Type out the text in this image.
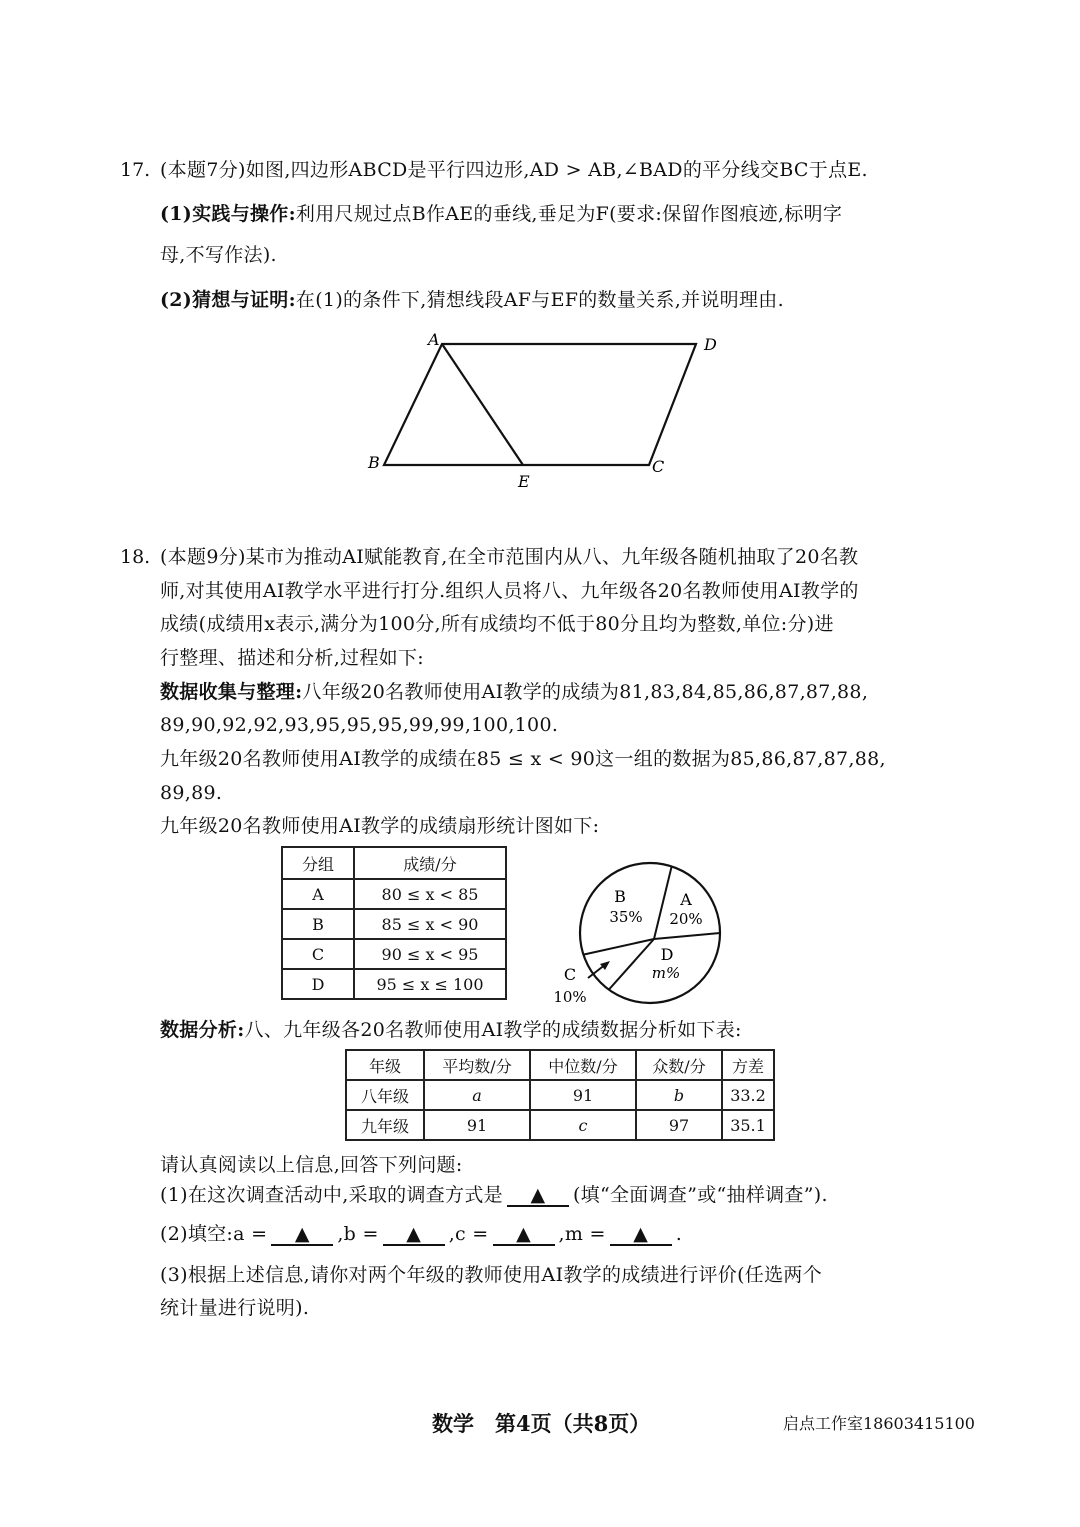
17. (本题7分)如图,四边形ABCD是平行四边形,AD > AB,∠BAD的平分线交BC于点E.
(1)实践与操作:利用尺规过点B作AE的垂线,垂足为F(要求:保留作图痕迹,标明字
母,不写作法).
(2)猜想与证明:在(1)的条件下,猜想线段AF与EF的数量关系,并说明理由.
A	D
B	C
E
18. (本题9分)某市为推动AI赋能教育,在全市范围内从八、九年级各随机抽取了20名教
师,对其使用AI教学水平进行打分.组织人员将八、九年级各20名教师使用AI教学的
成绩(成绩用x表示,满分为100分,所有成绩均不低于80分且均为整数,单位:分)进
行整理、描述和分析,过程如下:
数据收集与整理:八年级20名教师使用AI教学的成绩为81,83,84,85,86,87,87,88,
89,90,92,92,93,95,95,95,99,99,100,100.
九年级20名教师使用AI教学的成绩在85 ≤ x < 90这一组的数据为85,86,87,87,88,
89,89.
九年级20名教师使用AI教学的成绩扇形统计图如下:
分组	成绩/分
A	80 ≤ x < 85
B	85 ≤ x < 90
C	90 ≤ x < 95
D	95 ≤ x ≤ 100
B
35%
A
20%
D
m%
C
10%
数据分析:八、九年级各20名教师使用AI教学的成绩数据分析如下表:
年级	平均数/分	中位数/分	众数/分	方差
八年级	a	91	b	33.2
九年级	91	c	97	35.1
请认真阅读以上信息,回答下列问题:
(1)在这次调查活动中,采取的调查方式是 ▲ (填“全面调查”或“抽样调查”).
(2)填空:a = ▲ ,b = ▲ ,c = ▲ ,m = ▲ .
(3)根据上述信息,请你对两个年级的教师使用AI教学的成绩进行评价(任选两个
统计量进行说明).
数学　第4页（共8页）	启点工作室18603415100
